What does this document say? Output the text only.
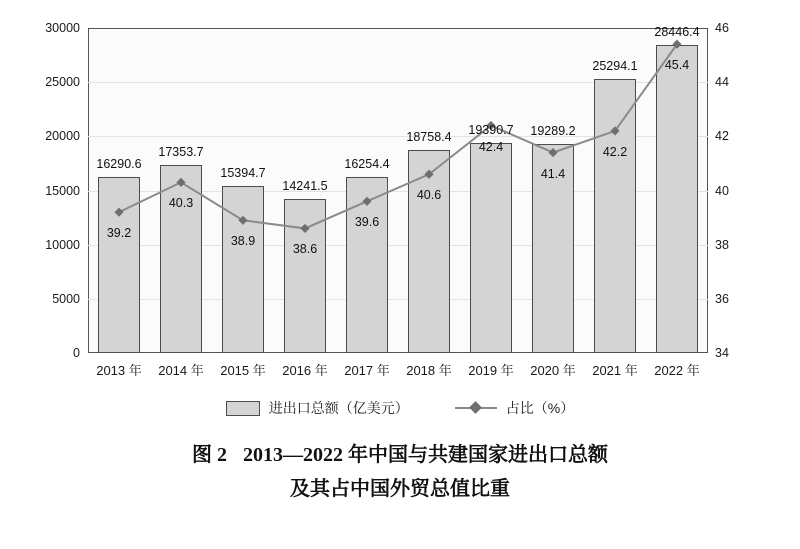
0
5000
10000
15000
20000
25000
30000
16290.6
17353.7
15394.7
14241.5
16254.4
18758.4	19390.7	19289.2
25294.1
28446.4
39.2
40.3
38.9
38.6
39.6
40.6
42.4
41.4
42.2
45.4
34
36
38
40
42
44
46
2013 年	2014 年	2015 年	2016 年	2017 年	2018 年	2019 年	2020 年	2021 年	2022 年
进出口总额（亿美元）	占比（%）
图 2 2013—2022 年中国与共建国家进出口总额
及其占中国外贸总值比重
